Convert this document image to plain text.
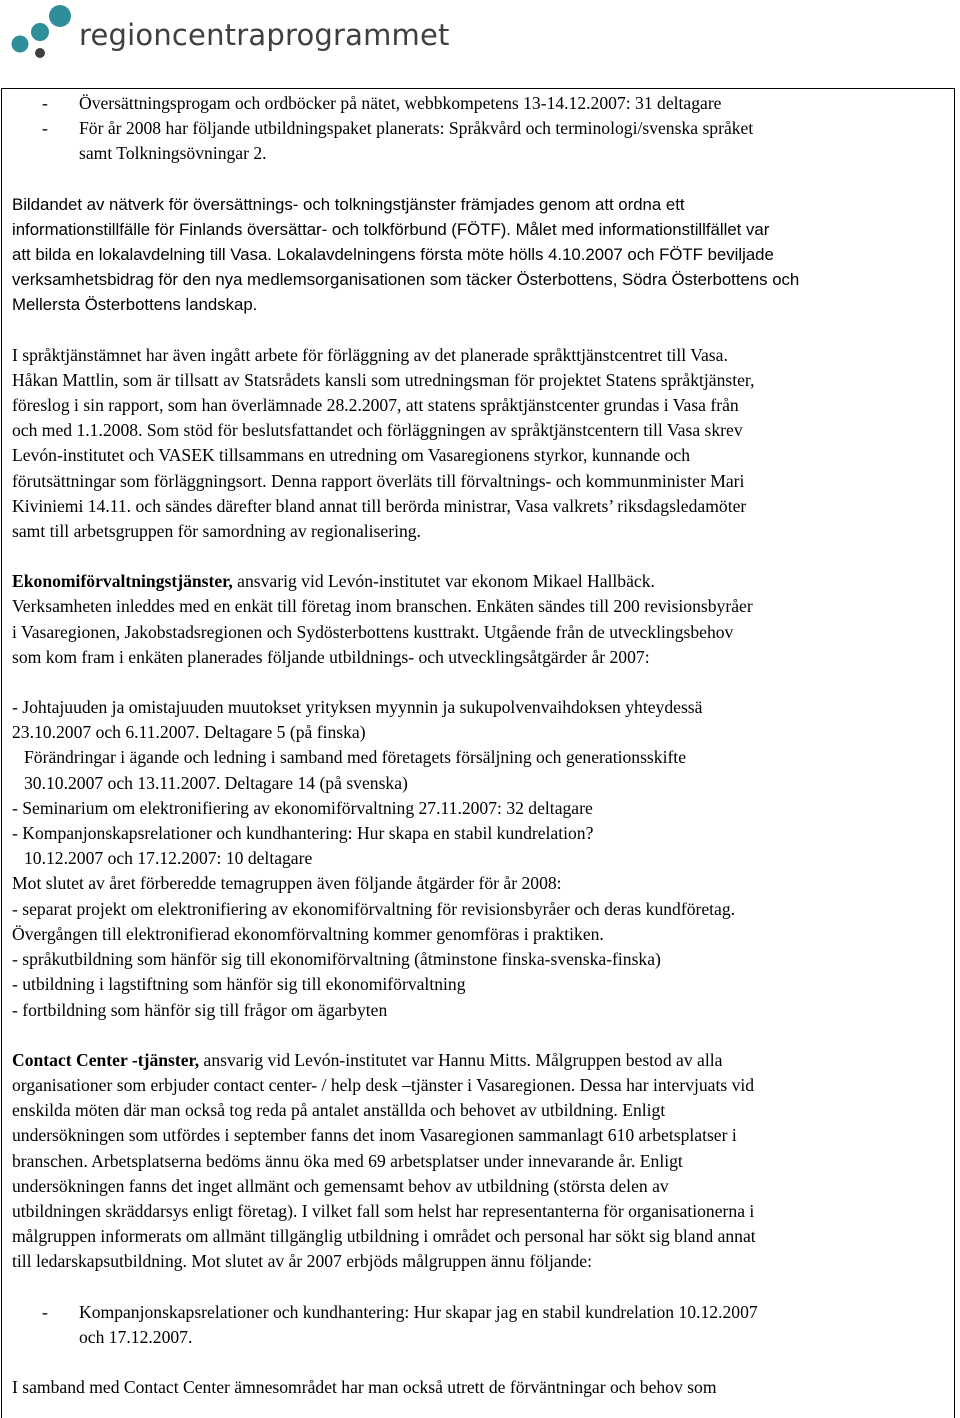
regioncentraprogrammet
-	Översättningsprogam och ordböcker på nätet, webbkompetens 13-14.12.2007: 31 deltagare
-	För år 2008 har följande utbildningspaket planerats: Språkvård och terminologi/svenska språket

samt Tolkningsövningar 2.

Bildandet av nätverk för översättnings- och tolkningstjänster främjades genom att ordna ett

informationstillfälle för Finlands översättar- och tolkförbund (FÖTF). Målet med informationstillfället var

att bilda en lokalavdelning till Vasa. Lokalavdelningens första möte hölls 4.10.2007 och FÖTF beviljade

verksamhetsbidrag för den nya medlemsorganisationen som täcker Österbottens, Södra Österbottens och

Mellersta Österbottens landskap.

I språktjänstämnet har även ingått arbete för förläggning av det planerade språkttjänstcentret till Vasa.

Håkan Mattlin, som är tillsatt av Statsrådets kansli som utredningsman för projektet Statens språktjänster,

föreslog i sin rapport, som han överlämnade 28.2.2007, att statens språktjänstcenter grundas i Vasa från

och med 1.1.2008. Som stöd för beslutsfattandet och förläggningen av språktjänstcentern till Vasa skrev

Levón-institutet och VASEK tillsammans en utredning om Vasaregionens styrkor, kunnande och

förutsättningar som förläggningsort. Denna rapport överläts till förvaltnings- och kommunminister Mari

Kiviniemi 14.11. och sändes därefter bland annat till berörda ministrar, Vasa valkrets’ riksdagsledamöter

samt till arbetsgruppen för samordning av regionalisering.

Ekonomiförvaltningstjänster, ansvarig vid Levón-institutet var ekonom Mikael Hallbäck.

Verksamheten inleddes med en enkät till företag inom branschen. Enkäten sändes till 200 revisionsbyråer

i Vasaregionen, Jakobstadsregionen och Sydösterbottens kusttrakt. Utgående från de utvecklingsbehov

som kom fram i enkäten planerades följande utbildnings- och utvecklingsåtgärder år 2007:

- Johtajuuden ja omistajuuden muutokset yrityksen myynnin ja sukupolvenvaihdoksen yhteydessä

23.10.2007 och 6.11.2007. Deltagare 5 (på finska)

Förändringar i ägande och ledning i samband med företagets försäljning och generationsskifte

30.10.2007 och 13.11.2007. Deltagare 14 (på svenska)

- Seminarium om elektronifiering av ekonomiförvaltning 27.11.2007: 32 deltagare

- Kompanjonskapsrelationer och kundhantering: Hur skapa en stabil kundrelation?

10.12.2007 och 17.12.2007: 10 deltagare

Mot slutet av året förberedde temagruppen även följande åtgärder för år 2008:

- separat projekt om elektronifiering av ekonomiförvaltning för revisionsbyråer och deras kundföretag.

Övergången till elektronifierad ekonomförvaltning kommer genomföras i praktiken.

- språkutbildning som hänför sig till ekonomiförvaltning (åtminstone finska-svenska-finska)

- utbildning i lagstiftning som hänför sig till ekonomiförvaltning

- fortbildning som hänför sig till frågor om ägarbyten

Contact Center -tjänster, ansvarig vid Levón-institutet var Hannu Mitts. Målgruppen bestod av alla

organisationer som erbjuder contact center- / help desk –tjänster i Vasaregionen. Dessa har intervjuats vid

enskilda möten där man också tog reda på antalet anställda och behovet av utbildning. Enligt

undersökningen som utfördes i september fanns det inom Vasaregionen sammanlagt 610 arbetsplatser i

branschen. Arbetsplatserna bedöms ännu öka med 69 arbetsplatser under innevarande år. Enligt

undersökningen fanns det inget allmänt och gemensamt behov av utbildning (största delen av

utbildningen skräddarsys enligt företag). I vilket fall som helst har representanterna för organisationerna i

målgruppen informerats om allmänt tillgänglig utbildning i området och personal har sökt sig bland annat

till ledarskapsutbildning. Mot slutet av år 2007 erbjöds målgruppen ännu följande:

-	Kompanjonskapsrelationer och kundhantering: Hur skapar jag en stabil kundrelation 10.12.2007

och 17.12.2007.

I samband med Contact Center ämnesområdet har man också utrett de förväntningar och behov som
